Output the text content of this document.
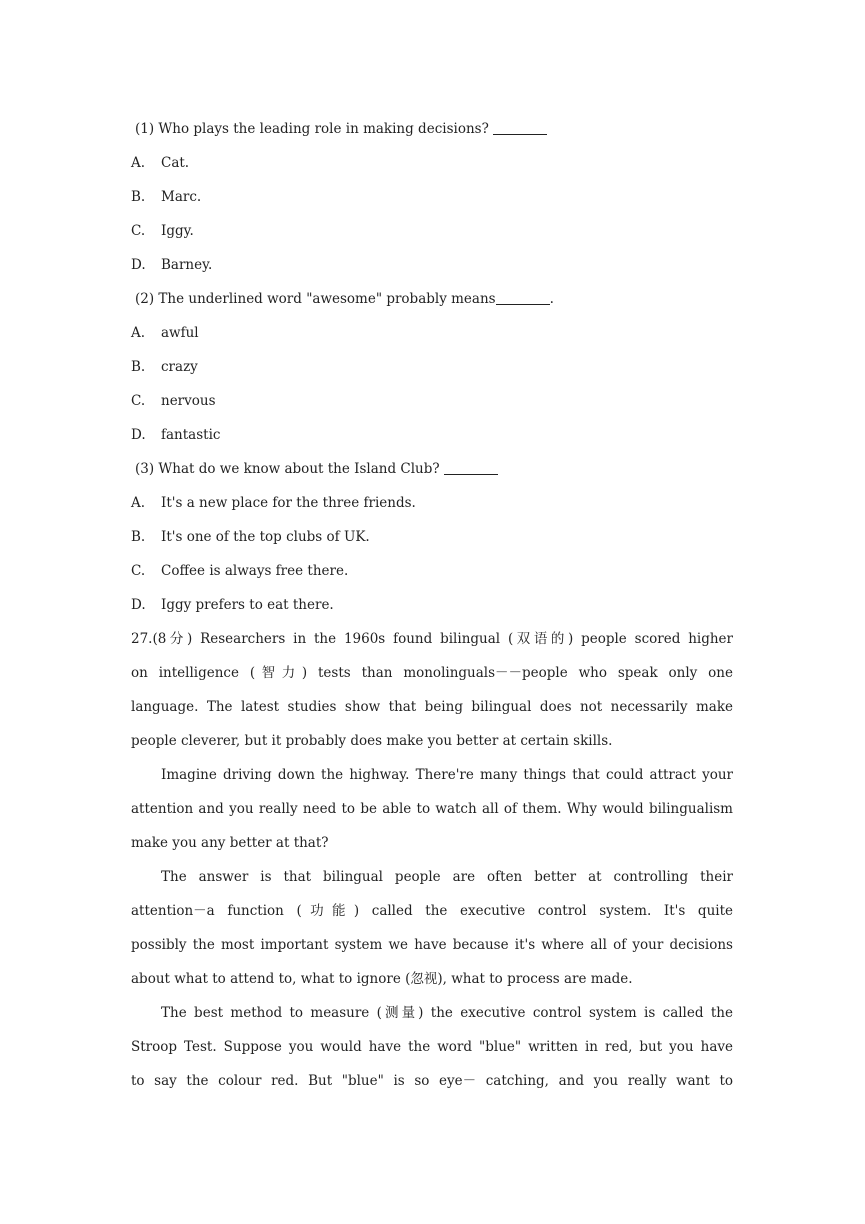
(1) Who plays the leading role in making decisions?
A. Cat.
B. Marc.
C. Iggy.
D. Barney.
(2) The underlined word "awesome" probably means	.
A. awful
B. crazy
C. nervous
D. fantastic
(3) What do we know about the Island Club?
A. It's a new place for the three friends.
B. It's one of the top clubs of UK.
C. Coffee is always free there.
D. Iggy prefers to eat there.
27.(8分) Researchers in the 1960s found bilingual (双语的) people scored higher
on intelligence (智力) tests than monolinguals－－people who speak only one
language. The latest studies show that being bilingual does not necessarily make
people cleverer, but it probably does make you better at certain skills.
Imagine driving down the highway. There're many things that could attract your
attention and you really need to be able to watch all of them. Why would bilingualism
make you any better at that?
The answer is that bilingual people are often better at controlling their
attention－a function (功能) called the executive control system. It's quite
possibly the most important system we have because it's where all of your decisions
about what to attend to, what to ignore (忽视), what to process are made.
The best method to measure (测量) the executive control system is called the
Stroop Test. Suppose you would have the word "blue" written in red, but you have
to say the colour red. But "blue" is so eye－ catching, and you really want to
